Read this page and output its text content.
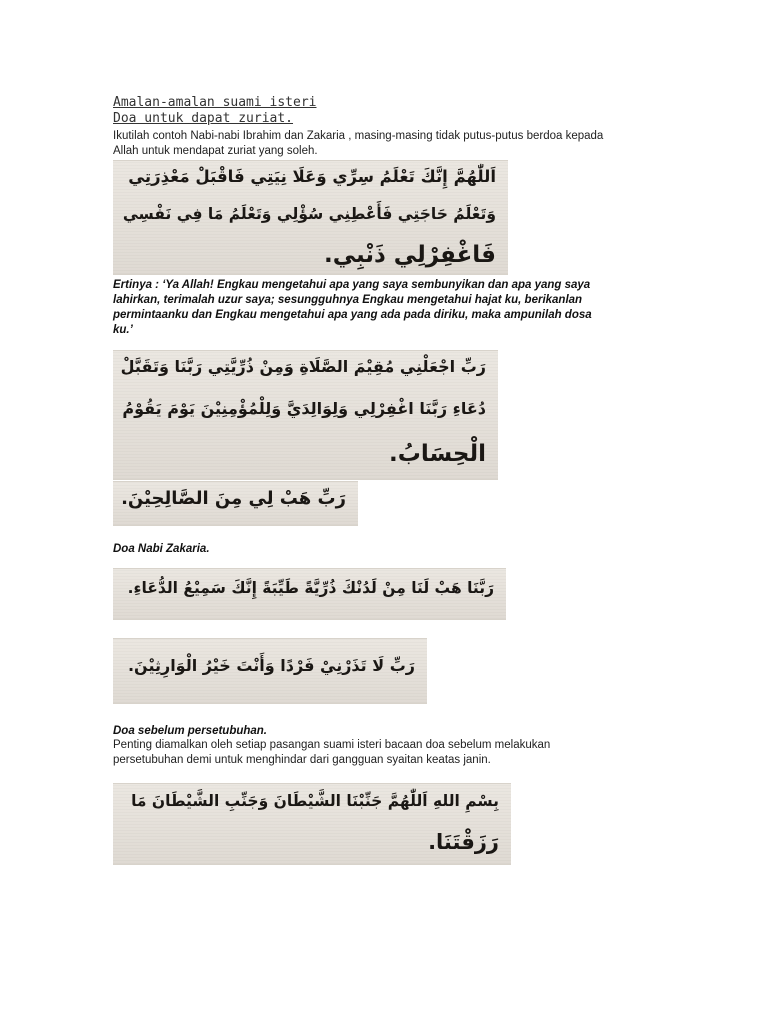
Amalan-amalan suami isteri
Doa untuk dapat zuriat.
Ikutilah contoh Nabi-nabi Ibrahim dan Zakaria , masing-masing tidak putus-putus berdoa kepada
Allah untuk mendapat zuriat yang soleh.
اَللّٰهُمَّ إِنَّكَ تَعْلَمُ سِرِّي وَعَلَا نِيَتِي فَاقْبَلْ مَعْذِرَتِي
وَتَعْلَمُ حَاجَتِي فَأَعْطِنِي سُؤْلِي وَتَعْلَمُ مَا فِي نَفْسِي
فَاغْفِرْلِي ذَنْبِي.
Ertinya : ‘Ya Allah! Engkau mengetahui apa yang saya sembunyikan dan apa yang saya
lahirkan, terimalah uzur saya; sesungguhnya Engkau mengetahui hajat ku, berikanlan
permintaanku dan Engkau mengetahui apa yang ada pada diriku, maka ampunilah dosa
ku.’
رَبِّ اجْعَلْنِي مُقِيْمَ الصَّلَاةِ وَمِنْ ذُرِّيَّتِي رَبَّنَا وَتَقَبَّلْ
دُعَاءِ رَبَّنَا اغْفِرْلِي وَلِوَالِدَيَّ وَلِلْمُؤْمِنِيْنَ يَوْمَ يَقُوْمُ
الْحِسَابُ.
رَبِّ هَبْ لِي مِنَ الصَّالِحِيْنَ.
Doa Nabi Zakaria.
رَبَّنَا هَبْ لَنَا مِنْ لَدُنْكَ ذُرِّيَّةً طَيِّبَةً إِنَّكَ سَمِيْعُ الدُّعَاءِ.
رَبِّ لَا تَذَرْنِيْ فَرْدًا وَأَنْتَ خَيْرُ الْوَارِثِيْنَ.
Doa sebelum persetubuhan.
Penting diamalkan oleh setiap pasangan suami isteri bacaan doa sebelum melakukan
persetubuhan demi untuk menghindar dari gangguan syaitan keatas janin.
بِسْمِ اللهِ اَللّٰهُمَّ جَنِّبْنَا الشَّيْطَانَ وَجَنِّبِ الشَّيْطَانَ مَا
رَزَقْتَنَا.
